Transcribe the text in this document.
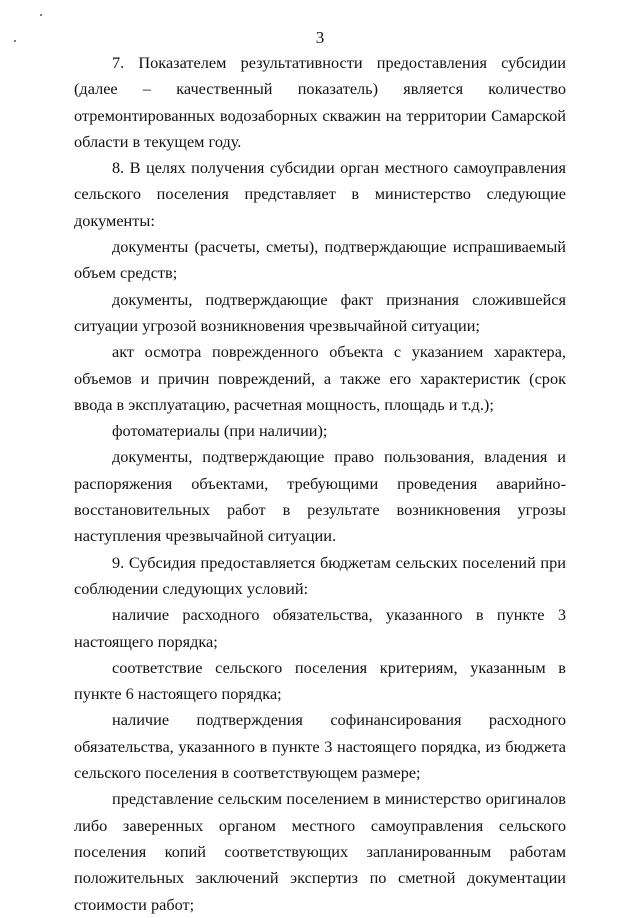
3

7. Показателем результативности предоставления субсидии (далее – качественный показатель) является количество отремонтированных водозаборных скважин на территории Самарской области в текущем году.

8. В целях получения субсидии орган местного самоуправления сельского поселения представляет в министерство следующие документы:

документы (расчеты, сметы), подтверждающие испрашиваемый объем средств;

документы, подтверждающие факт признания сложившейся ситуации угрозой возникновения чрезвычайной ситуации;

акт осмотра поврежденного объекта с указанием характера, объемов и причин повреждений, а также его характеристик (срок ввода в эксплуатацию, расчетная мощность, площадь и т.д.);

фотоматериалы (при наличии);

документы, подтверждающие право пользования, владения и распоряжения объектами, требующими проведения аварийно-восстановительных работ в результате возникновения угрозы наступления чрезвычайной ситуации.

9. Субсидия предоставляется бюджетам сельских поселений при соблюдении следующих условий:

наличие расходного обязательства, указанного в пункте 3 настоящего порядка;

соответствие сельского поселения критериям, указанным в пункте 6 настоящего порядка;

наличие подтверждения софинансирования расходного обязательства, указанного в пункте 3 настоящего порядка, из бюджета сельского поселения в соответствующем размере;

представление сельским поселением в министерство оригиналов либо заверенных органом местного самоуправления сельского поселения копий соответствующих запланированным работам положительных заключений экспертиз по сметной документации стоимости работ;
